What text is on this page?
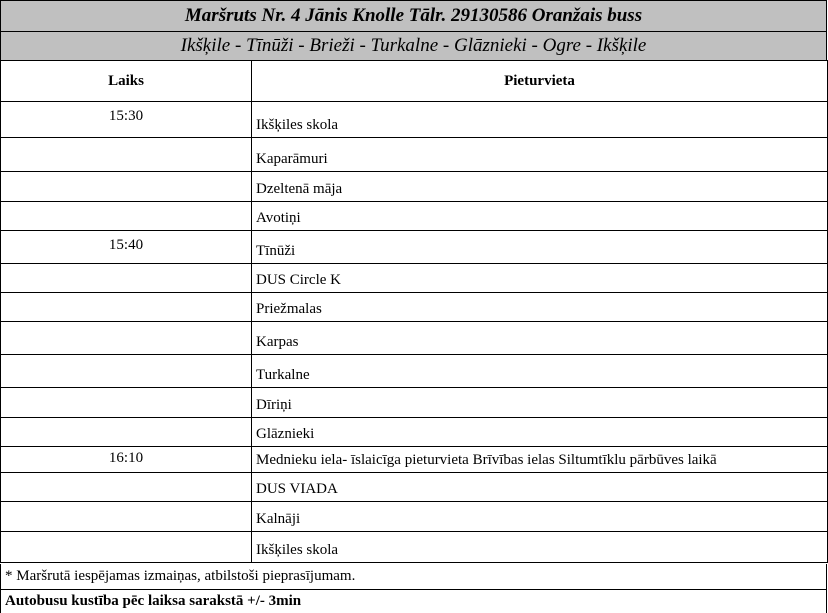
Maršruts Nr. 4 Jānis Knolle Tālr. 29130586 Oranžais buss
Ikšķile - Tīnūži - Brieži - Turkalne - Glāznieki - Ogre - Ikšķile
Laiks	Pieturvieta
15:30	Ikšķiles skola
	Kaparāmuri
	Dzeltenā māja
	Avotiņi
15:40	Tīnūži
	DUS Circle K
	Priežmalas
	Karpas
	Turkalne
	Dīriņi
	Glāznieki
16:10	Mednieku iela- īslaicīga pieturvieta Brīvības ielas Siltumtīklu pārbūves laikā
	DUS VIADA
	Kalnāji
	Ikšķiles skola
* Maršrutā iespējamas izmaiņas, atbilstoši pieprasījumam.
Autobusu kustība pēc laiksa sarakstā +/- 3min
